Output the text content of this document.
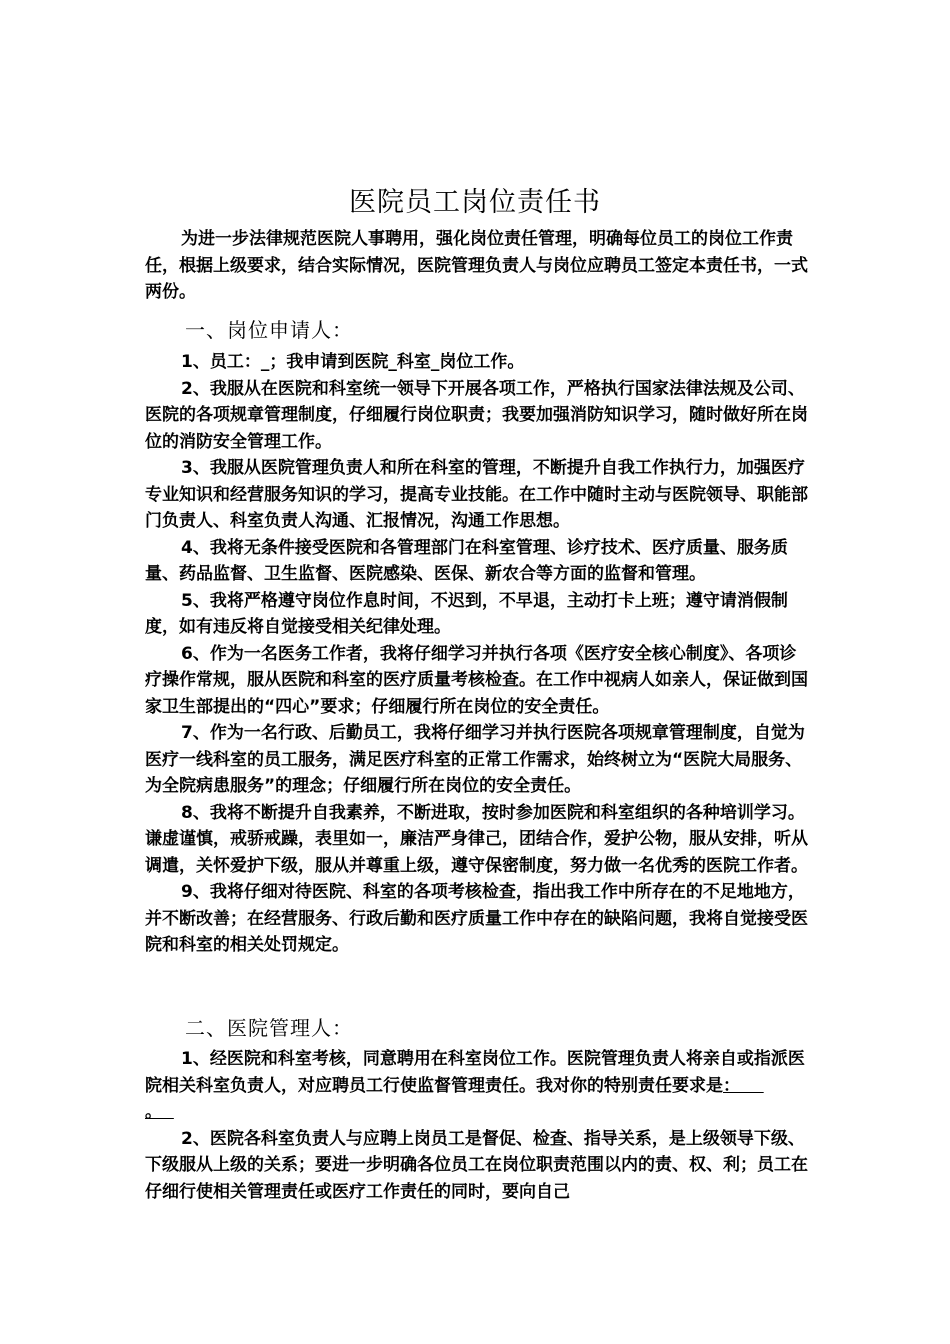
医院员工岗位责任书

为进一步法律规范医院人事聘用，强化岗位责任管理，明确每位员工的岗位工作责任，根据上级要求，结合实际情况，医院管理负责人与岗位应聘员工签定本责任书，一式两份。

一、岗位申请人：

1、员工：_；我申请到医院_科室_岗位工作。

2、我服从在医院和科室统一领导下开展各项工作，严格执行国家法律法规及公司、医院的各项规章管理制度，仔细履行岗位职责；我要加强消防知识学习，随时做好所在岗位的消防安全管理工作。

3、我服从医院管理负责人和所在科室的管理，不断提升自我工作执行力，加强医疗专业知识和经营服务知识的学习，提高专业技能。在工作中随时主动与医院领导、职能部门负责人、科室负责人沟通、汇报情况，沟通工作思想。

4、我将无条件接受医院和各管理部门在科室管理、诊疗技术、医疗质量、服务质量、药品监督、卫生监督、医院感染、医保、新农合等方面的监督和管理。

5、我将严格遵守岗位作息时间，不迟到，不早退，主动打卡上班；遵守请消假制度，如有违反将自觉接受相关纪律处理。

6、作为一名医务工作者，我将仔细学习并执行各项《医疗安全核心制度》、各项诊疗操作常规，服从医院和科室的医疗质量考核检查。在工作中视病人如亲人，保证做到国家卫生部提出的“四心”要求；仔细履行所在岗位的安全责任。

7、作为一名行政、后勤员工，我将仔细学习并执行医院各项规章管理制度，自觉为医疗一线科室的员工服务，满足医疗科室的正常工作需求，始终树立为“医院大局服务、为全院病患服务”的理念；仔细履行所在岗位的安全责任。

8、我将不断提升自我素养，不断进取，按时参加医院和科室组织的各种培训学习。谦虚谨慎，戒骄戒躁，表里如一，廉洁严身律己，团结合作，爱护公物，服从安排，听从调遣，关怀爱护下级，服从并尊重上级，遵守保密制度，努力做一名优秀的医院工作者。

9、我将仔细对待医院、科室的各项考核检查，指出我工作中所存在的不足地地方，并不断改善；在经营服务、行政后勤和医疗质量工作中存在的缺陷问题，我将自觉接受医院和科室的相关处罚规定。

二、医院管理人：

1、经医院和科室考核，同意聘用在科室岗位工作。医院管理负责人将亲自或指派医院相关科室负责人，对应聘员工行使监督管理责任。我对你的特别责任要求是：

。

2、医院各科室负责人与应聘上岗员工是督促、检查、指导关系，是上级领导下级、下级服从上级的关系；要进一步明确各位员工在岗位职责范围以内的责、权、利；员工在仔细行使相关管理责任或医疗工作责任的同时，要向自己
